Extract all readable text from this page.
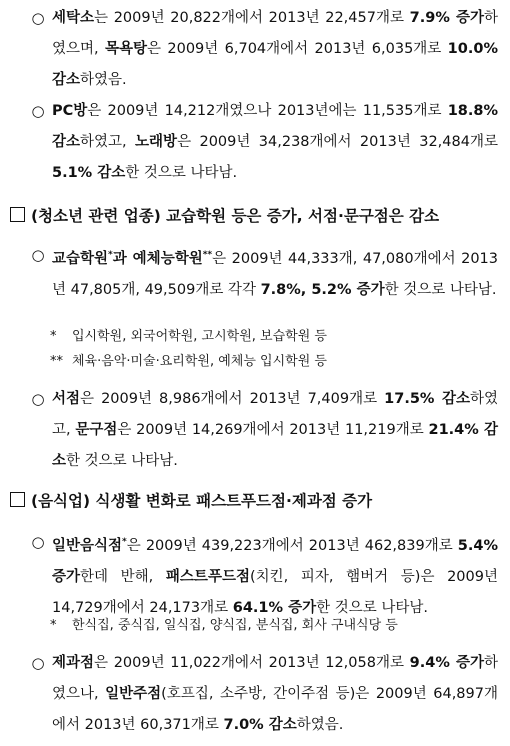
○ 세탁소는 2009년 20,822개에서 2013년 22,457개로 7.9% 증가하였으며, 목욕탕은 2009년 6,704개에서 2013년 6,035개로 10.0% 감소하였음.
○ PC방은 2009년 14,212개였으나 2013년에는 11,535개로 18.8% 감소하였고, 노래방은 2009년 34,238개에서 2013년 32,484개로 5.1% 감소한 것으로 나타남.
(청소년 관련 업종) 교습학원 등은 증가, 서점·문구점은 감소
○ 교습학원*과 예체능학원**은 2009년 44,333개, 47,080개에서 2013년 47,805개, 49,509개로 각각 7.8%, 5.2% 증가한 것으로 나타남.
* 입시학원, 외국어학원, 고시학원, 보습학원 등
** 체육·음악·미술·요리학원, 예체능 입시학원 등
○ 서점은 2009년 8,986개에서 2013년 7,409개로 17.5% 감소하였고, 문구점은 2009년 14,269개에서 2013년 11,219개로 21.4% 감소한 것으로 나타남.
(음식업) 식생활 변화로 패스트푸드점·제과점 증가
○ 일반음식점*은 2009년 439,223개에서 2013년 462,839개로 5.4% 증가한데 반해, 패스트푸드점(치킨, 피자, 햄버거 등)은 2009년 14,729개에서 24,173개로 64.1% 증가한 것으로 나타남.
* 한식집, 중식집, 일식집, 양식집, 분식집, 회사 구내식당 등
○ 제과점은 2009년 11,022개에서 2013년 12,058개로 9.4% 증가하였으나, 일반주점(호프집, 소주방, 간이주점 등)은 2009년 64,897개에서 2013년 60,371개로 7.0% 감소하였음.
